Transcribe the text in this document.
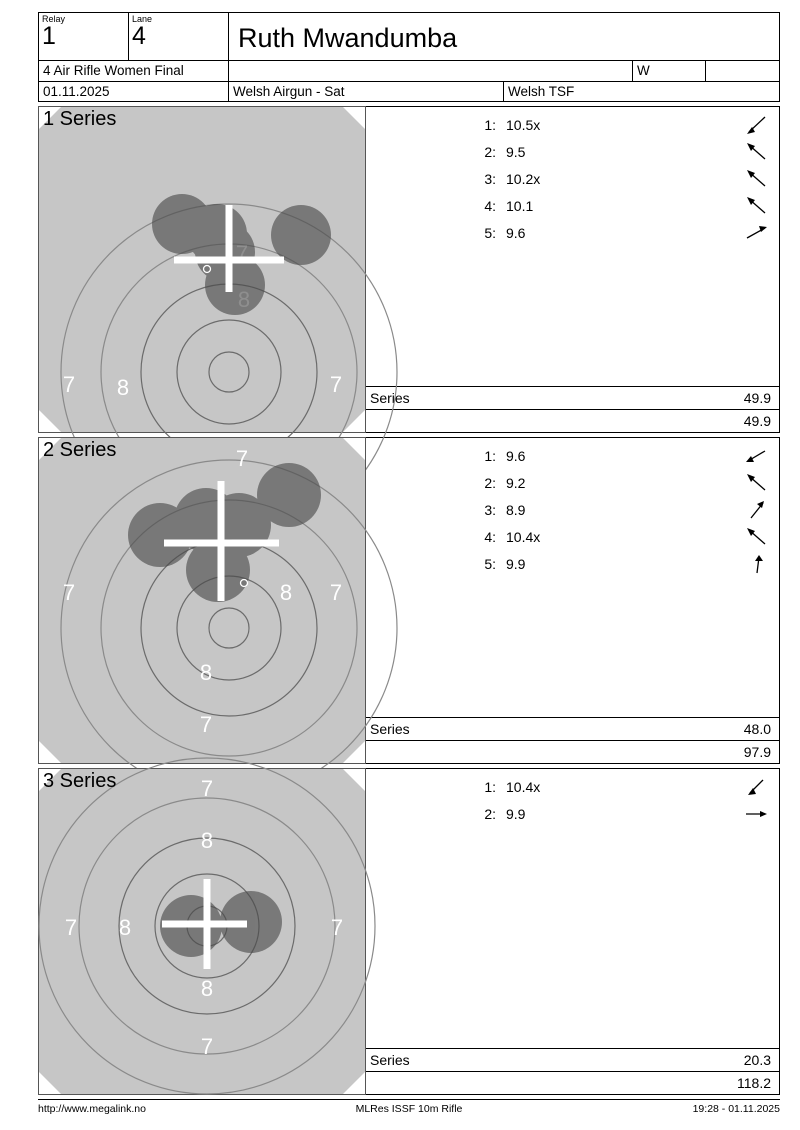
Relay
1
Lane
4	Ruth Mwandumba
4 Air Rifle Women Final	W
01.11.2025	Welsh Airgun - Sat	Welsh TSF
1 Series
7 8	7
1: 10.5x
2: 9.5
3: 10.2x
4: 10.1
5: 9.6
Series	49.9
49.9
2 Series	7
7	8 7
8
7
1: 9.6
2: 9.2
3: 8.9
4: 10.4x
5: 9.9
Series	48.0
97.9
3 Series	7
8
7 8	7
8
7
1: 10.4x
2: 9.9
Series	20.3
118.2
http://www.megalink.no	MLRes ISSF 10m Rifle	19:28 - 01.11.2025
